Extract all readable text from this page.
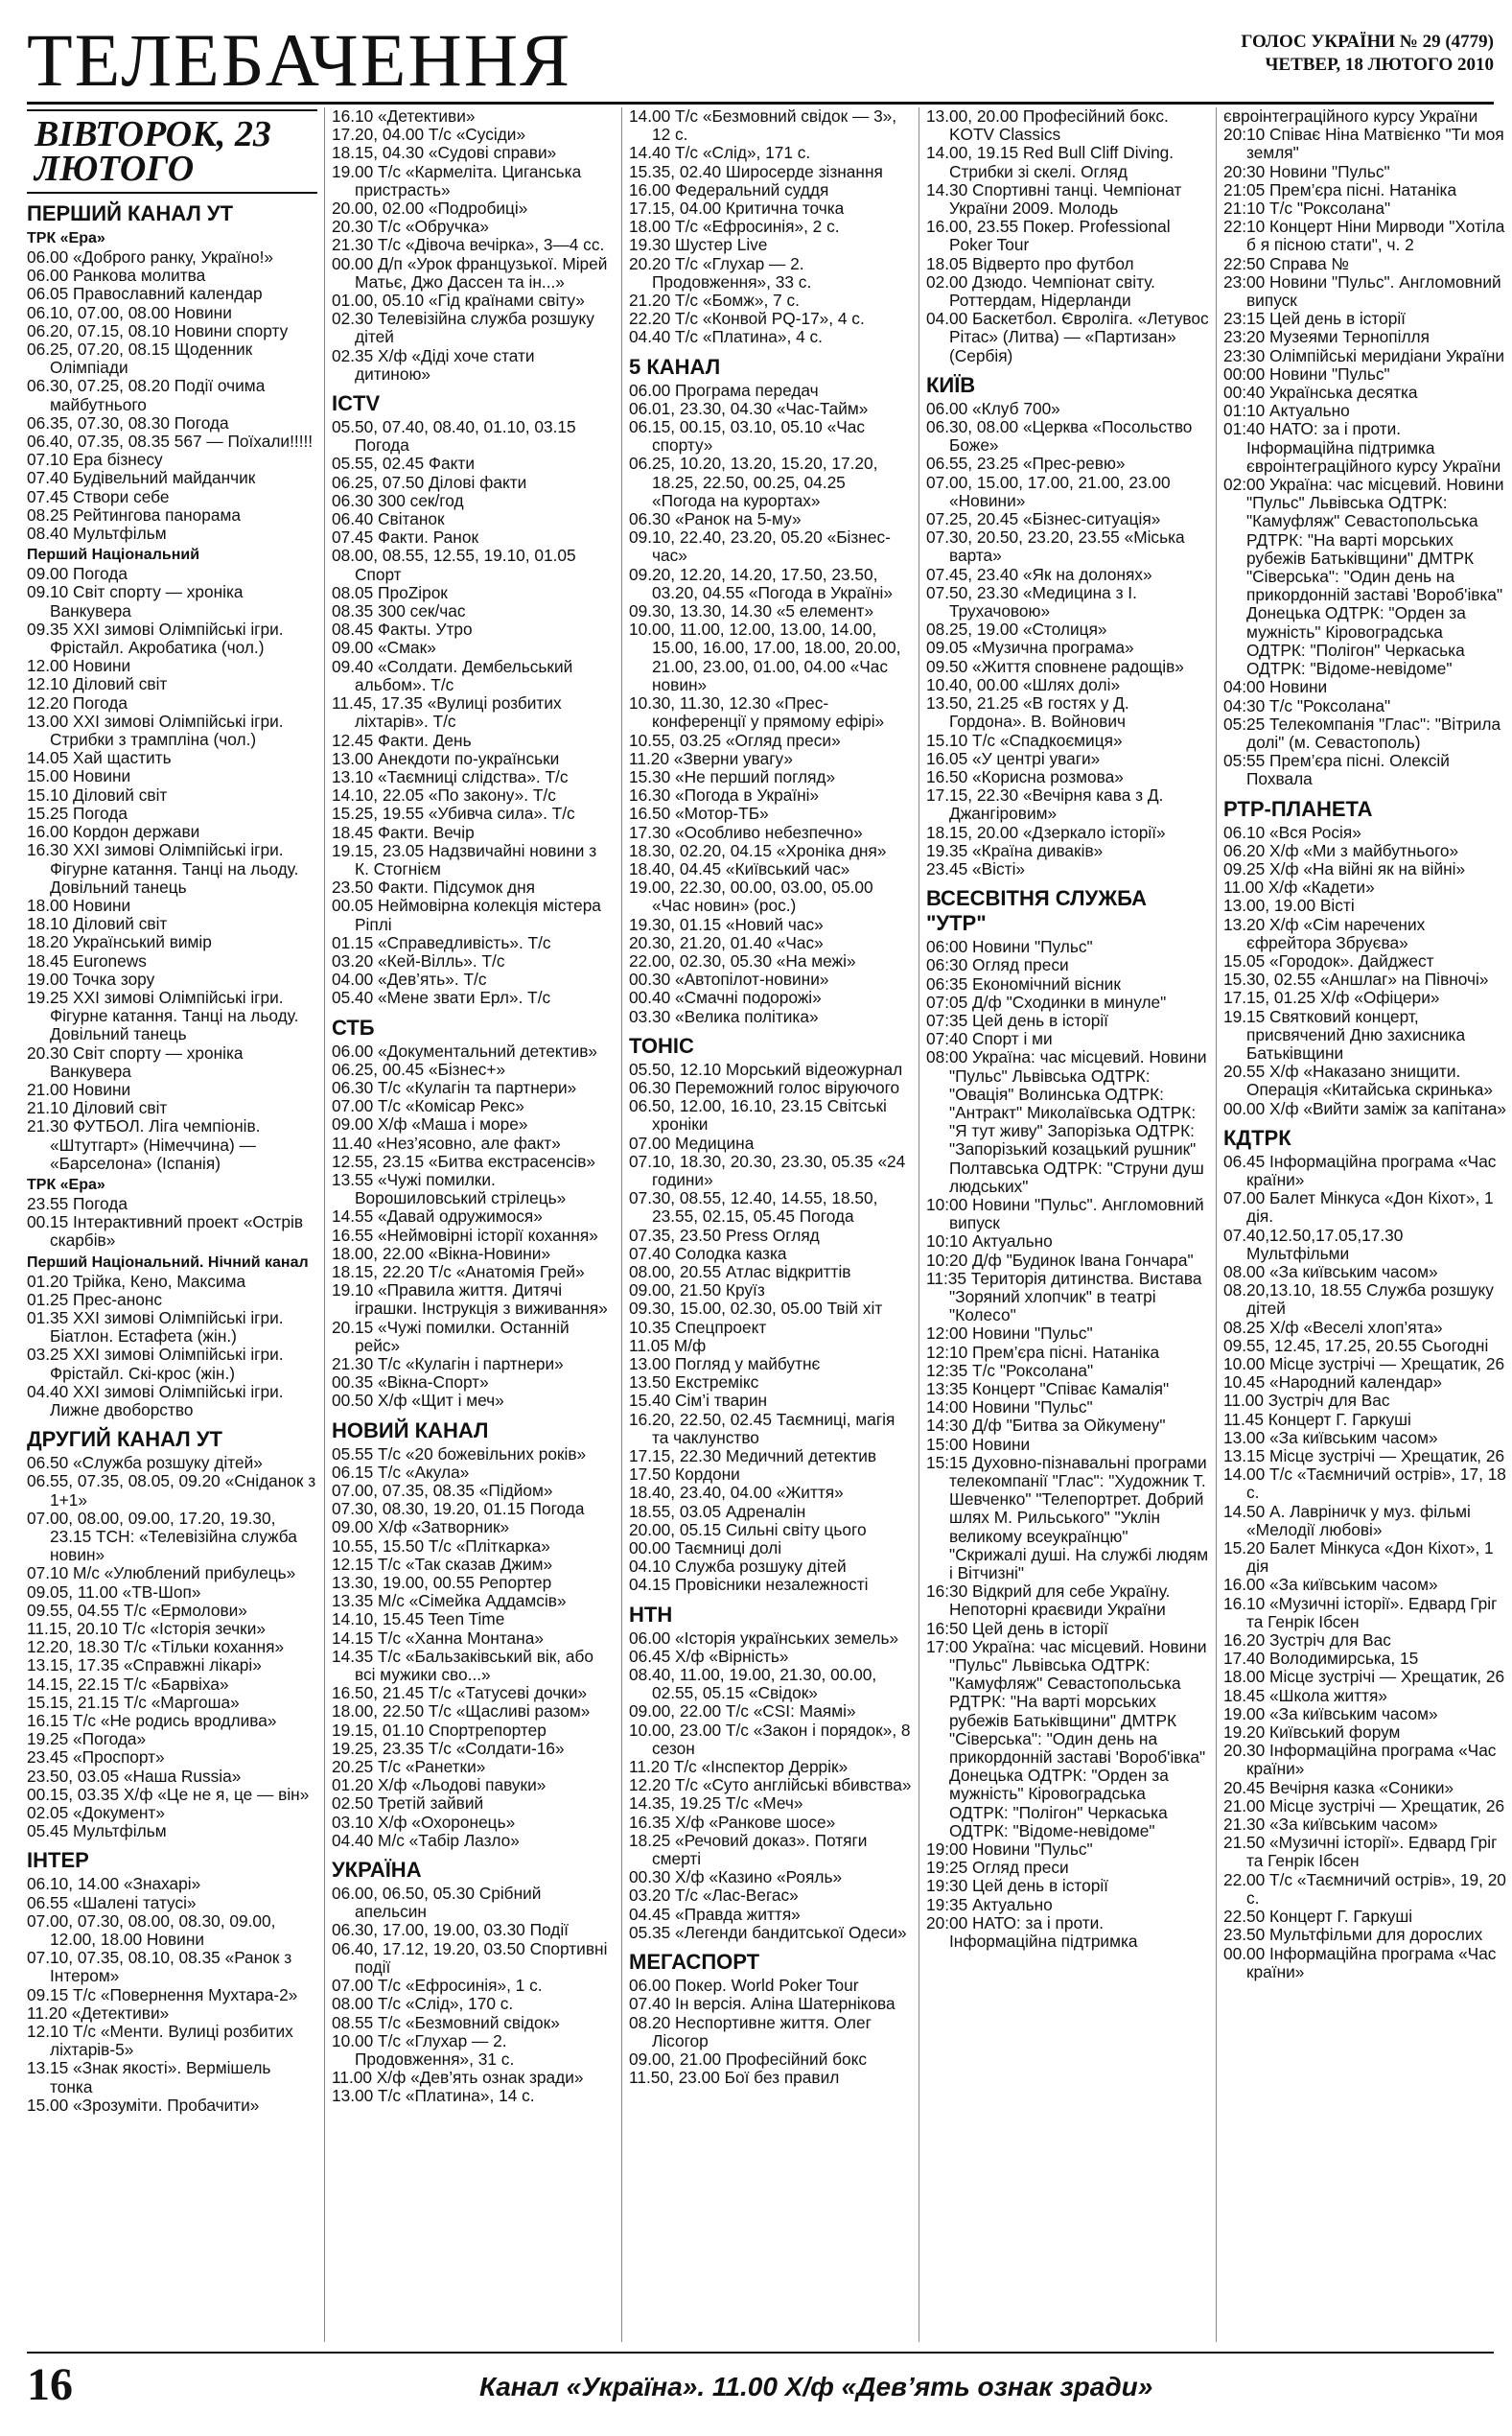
ТЕЛЕБАЧЕННЯ	ГОЛОС УКРАЇНИ № 29 (4779)
ЧЕТВЕР, 18 ЛЮТОГО 2010
ВІВТОРОК, 23 ЛЮТОГО
ПЕРШИЙ КАНАЛ УТ
ТРК «Ера»
06.00 «Доброго ранку, Україно!»
06.00 Ранкова молитва
06.05 Православний календар
06.10, 07.00, 08.00 Новини
06.20, 07.15, 08.10 Новини спорту
06.25, 07.20, 08.15 Щоденник Олімпіади
06.30, 07.25, 08.20 Події очима майбутнього
06.35, 07.30, 08.30 Погода
06.40, 07.35, 08.35 567 — Поїхали!!!!!
07.10 Ера бізнесу
07.40 Будівельний майданчик
07.45 Створи себе
08.25 Рейтингова панорама
08.40 Мультфільм
Перший Національний
09.00 Погода
09.10 Світ спорту — хроніка Ванкувера
09.35 XXI зимові Олімпійські ігри. Фрістайл. Акробатика (чол.)
12.00 Новини
12.10 Діловий світ
12.20 Погода
13.00 XXI зимові Олімпійські ігри. Стрибки з трампліна (чол.)
14.05 Хай щастить
15.00 Новини
15.10 Діловий світ
15.25 Погода
16.00 Кордон держави
16.30 XXI зимові Олімпійські ігри. Фігурне катання. Танці на льоду. Довільний танець
18.00 Новини
18.10 Діловий світ
18.20 Український вимір
18.45 Euronews
19.00 Точка зору
19.25 XXI зимові Олімпійські ігри. Фігурне катання. Танці на льоду. Довільний танець
20.30 Світ спорту — хроніка Ванкувера
21.00 Новини
21.10 Діловий світ
21.30 ФУТБОЛ. Ліга чемпіонів. «Штутгарт» (Німеччина) — «Барселона» (Іспанія)
ТРК «Ера»
23.55 Погода
00.15 Інтерактивний проект «Острів скарбів»
Перший Національний. Нічний канал
01.20 Трійка, Кено, Максима
01.25 Прес-анонс
01.35 XXI зимові Олімпійські ігри. Біатлон. Естафета (жін.)
03.25 XXI зимові Олімпійські ігри. Фрістайл. Скі-крос (жін.)
04.40 XXI зимові Олімпійські ігри. Лижне двоборство
ДРУГИЙ КАНАЛ УТ
06.50 «Служба розшуку дітей»
06.55, 07.35, 08.05, 09.20 «Сніданок з 1+1»
07.00, 08.00, 09.00, 17.20, 19.30, 23.15 ТСН: «Телевізійна служба новин»
07.10 М/с «Улюблений прибулець»
09.05, 11.00 «ТВ-Шоп»
09.55, 04.55 Т/с «Ермолови»
11.15, 20.10 Т/с «Історія зечки»
12.20, 18.30 Т/с «Тільки кохання»
13.15, 17.35 «Справжні лікарі»
14.15, 22.15 Т/с «Барвіха»
15.15, 21.15 Т/с «Маргоша»
16.15 Т/с «Не родись вродлива»
19.25 «Погода»
23.45 «Проспорт»
23.50, 03.05 «Наша Russia»
00.15, 03.35 Х/ф «Це не я, це — він»
02.05 «Документ»
05.45 Мультфільм
ІНТЕР
06.10, 14.00 «Знахарі»
06.55 «Шалені татусі»
07.00, 07.30, 08.00, 08.30, 09.00, 12.00, 18.00 Новини
07.10, 07.35, 08.10, 08.35 «Ранок з Інтером»
09.15 Т/с «Повернення Мухтара-2»
11.20 «Детективи»
12.10 Т/с «Менти. Вулиці розбитих ліхтарів-5»
13.15 «Знак якості». Вермішель тонка
15.00 «Зрозуміти. Пробачити»
16.10 «Детективи»
17.20, 04.00 Т/с «Сусіди»
18.15, 04.30 «Судові справи»
19.00 Т/с «Кармеліта. Циганська пристрасть»
20.00, 02.00 «Подробиці»
20.30 Т/с «Обручка»
21.30 Т/с «Дівоча вечірка», 3—4 сс.
00.00 Д/п «Урок французької. Мірей Матьє, Джо Дассен та ін...»
01.00, 05.10 «Гід країнами світу»
02.30 Телевізійна служба розшуку дітей
02.35 Х/ф «Діді хоче стати дитиною»
ICTV
05.50, 07.40, 08.40, 01.10, 03.15 Погода
05.55, 02.45 Факти
06.25, 07.50 Ділові факти
06.30 300 сек/год
06.40 Світанок
07.45 Факти. Ранок
08.00, 08.55, 12.55, 19.10, 01.05 Спорт
08.05 ПроZірок
08.35 300 сек/час
08.45 Факты. Утро
09.00 «Смак»
09.40 «Солдати. Дембельський альбом». Т/с
11.45, 17.35 «Вулиці розбитих ліхтарів». Т/с
12.45 Факти. День
13.00 Анекдоти по-українськи
13.10 «Таємниці слідства». Т/с
14.10, 22.05 «По закону». Т/с
15.25, 19.55 «Убивча сила». Т/с
18.45 Факти. Вечір
19.15, 23.05 Надзвичайні новини з К. Стогнієм
23.50 Факти. Підсумок дня
00.05 Неймовірна колекція містера Ріплі
01.15 «Справедливість». Т/с
03.20 «Кей-Вілль». Т/с
04.00 «Дев’ять». Т/с
05.40 «Мене звати Ерл». Т/с
СТБ
06.00 «Документальний детектив»
06.25, 00.45 «Бізнес+»
06.30 Т/с «Кулагін та партнери»
07.00 Т/с «Комісар Рекс»
09.00 Х/ф «Маша і море»
11.40 «Нез’ясовно, але факт»
12.55, 23.15 «Битва екстрасенсів»
13.55 «Чужі помилки. Ворошиловський стрілець»
14.55 «Давай одружимося»
16.55 «Неймовірні історії кохання»
18.00, 22.00 «Вікна-Новини»
18.15, 22.20 Т/с «Анатомія Грей»
19.10 «Правила життя. Дитячі іграшки. Інструкція з виживання»
20.15 «Чужі помилки. Останній рейс»
21.30 Т/с «Кулагін і партнери»
00.35 «Вікна-Спорт»
00.50 Х/ф «Щит і меч»
НОВИЙ КАНАЛ
05.55 Т/с «20 божевільних років»
06.15 Т/с «Акула»
07.00, 07.35, 08.35 «Підйом»
07.30, 08.30, 19.20, 01.15 Погода
09.00 Х/ф «Затворник»
10.55, 15.50 Т/с «Пліткарка»
12.15 Т/с «Так сказав Джим»
13.30, 19.00, 00.55 Репортер
13.35 М/с «Сімейка Аддамсів»
14.10, 15.45 Teen Time
14.15 Т/с «Ханна Монтана»
14.35 Т/с «Бальзаківський вік, або всі мужики сво...»
16.50, 21.45 Т/с «Татусеві дочки»
18.00, 22.50 Т/с «Щасливі разом»
19.15, 01.10 Спортрепортер
19.25, 23.35 Т/с «Солдати-16»
20.25 Т/с «Ранетки»
01.20 Х/ф «Льодові павуки»
02.50 Третій зайвий
03.10 Х/ф «Охоронець»
04.40 М/с «Табір Лазло»
УКРАЇНА
06.00, 06.50, 05.30 Срібний апельсин
06.30, 17.00, 19.00, 03.30 Події
06.40, 17.12, 19.20, 03.50 Спортивні події
07.00 Т/с «Ефросинія», 1 с.
08.00 Т/с «Слід», 170 с.
08.55 Т/с «Безмовний свідок»
10.00 Т/с «Глухар — 2. Продовження», 31 с.
11.00 Х/ф «Дев’ять ознак зради»
13.00 Т/с «Платина», 14 с.
14.00 Т/с «Безмовний свідок — 3», 12 с.
14.40 Т/с «Слід», 171 с.
15.35, 02.40 Широсерде зізнання
16.00 Федеральний суддя
17.15, 04.00 Критична точка
18.00 Т/с «Ефросинія», 2 с.
19.30 Шустер Live
20.20 Т/с «Глухар — 2. Продовження», 33 с.
21.20 Т/с «Бомж», 7 с.
22.20 Т/с «Конвой PQ-17», 4 с.
04.40 Т/с «Платина», 4 с.
5 КАНАЛ
06.00 Програма передач
06.01, 23.30, 04.30 «Час-Тайм»
06.15, 00.15, 03.10, 05.10 «Час спорту»
06.25, 10.20, 13.20, 15.20, 17.20, 18.25, 22.50, 00.25, 04.25 «Погода на курортах»
06.30 «Ранок на 5-му»
09.10, 22.40, 23.20, 05.20 «Бізнес-час»
09.20, 12.20, 14.20, 17.50, 23.50, 03.20, 04.55 «Погода в Україні»
09.30, 13.30, 14.30 «5 елемент»
10.00, 11.00, 12.00, 13.00, 14.00, 15.00, 16.00, 17.00, 18.00, 20.00, 21.00, 23.00, 01.00, 04.00 «Час новин»
10.30, 11.30, 12.30 «Прес-конференції у прямому ефірі»
10.55, 03.25 «Огляд преси»
11.20 «Зверни увагу»
15.30 «Не перший погляд»
16.30 «Погода в Україні»
16.50 «Мотор-ТБ»
17.30 «Особливо небезпечно»
18.30, 02.20, 04.15 «Хроніка дня»
18.40, 04.45 «Київський час»
19.00, 22.30, 00.00, 03.00, 05.00 «Час новин» (рос.)
19.30, 01.15 «Новий час»
20.30, 21.20, 01.40 «Час»
22.00, 02.30, 05.30 «На межі»
00.30 «Автопілот-новини»
00.40 «Смачні подорожі»
03.30 «Велика політика»
ТОНІС
05.50, 12.10 Морський відеожурнал
06.30 Переможний голос віруючого
06.50, 12.00, 16.10, 23.15 Світські хроніки
07.00 Медицина
07.10, 18.30, 20.30, 23.30, 05.35 «24 години»
07.30, 08.55, 12.40, 14.55, 18.50, 23.55, 02.15, 05.45 Погода
07.35, 23.50 Press Огляд
07.40 Солодка казка
08.00, 20.55 Атлас відкриттів
09.00, 21.50 Круїз
09.30, 15.00, 02.30, 05.00 Твій хіт
10.35 Спецпроект
11.05 М/ф
13.00 Погляд у майбутнє
13.50 Екстремікс
15.40 Сім’і тварин
16.20, 22.50, 02.45 Таємниці, магія та чаклунство
17.15, 22.30 Медичний детектив
17.50 Кордони
18.40, 23.40, 04.00 «Життя»
18.55, 03.05 Адреналін
20.00, 05.15 Сильні світу цього
00.00 Таємниці долі
04.10 Служба розшуку дітей
04.15 Провісники незалежності
НТН
06.00 «Історія українських земель»
06.45 Х/ф «Вірність»
08.40, 11.00, 19.00, 21.30, 00.00, 02.55, 05.15 «Свідок»
09.00, 22.00 Т/с «CSI: Маямі»
10.00, 23.00 Т/с «Закон і порядок», 8 сезон
11.20 Т/с «Інспектор Деррік»
12.20 Т/с «Суто англійські вбивства»
14.35, 19.25 Т/с «Меч»
16.35 Х/ф «Ранкове шосе»
18.25 «Речовий доказ». Потяги смерті
00.30 Х/ф «Казино «Рояль»
03.20 Т/с «Лас-Вегас»
04.45 «Правда життя»
05.35 «Легенди бандитської Одеси»
МЕГАСПОРТ
06.00 Покер. World Poker Tour
07.40 Ін версія. Аліна Шатернікова
08.20 Неспортивне життя. Олег Лісогор
09.00, 21.00 Професійний бокс
11.50, 23.00 Бої без правил
13.00, 20.00 Професійний бокс. KOTV Classics
14.00, 19.15 Red Bull Cliff Diving. Стрибки зі скелі. Огляд
14.30 Спортивні танці. Чемпіонат України 2009. Молодь
16.00, 23.55 Покер. Professional Poker Tour
18.05 Відверто про футбол
02.00 Дзюдо. Чемпіонат світу. Роттердам, Нідерланди
04.00 Баскетбол. Євроліга. «Летувос Рітас» (Литва) — «Партизан» (Сербія)
КИЇВ
06.00 «Клуб 700»
06.30, 08.00 «Церква «Посольство Боже»
06.55, 23.25 «Прес-ревю»
07.00, 15.00, 17.00, 21.00, 23.00 «Новини»
07.25, 20.45 «Бізнес-ситуація»
07.30, 20.50, 23.20, 23.55 «Міська варта»
07.45, 23.40 «Як на долонях»
07.50, 23.30 «Медицина з І. Трухачовою»
08.25, 19.00 «Столиця»
09.05 «Музична програма»
09.50 «Життя сповнене радощів»
10.40, 00.00 «Шлях долі»
13.50, 21.25 «В гостях у Д. Гордона». В. Войнович
15.10 Т/с «Спадкоємиця»
16.05 «У центрі уваги»
16.50 «Корисна розмова»
17.15, 22.30 «Вечірня кава з Д. Джангіровим»
18.15, 20.00 «Дзеркало історії»
19.35 «Країна диваків»
23.45 «Вісті»
ВСЕСВІТНЯ СЛУЖБА "УТР"
06:00 Новини "Пульс"
06:30 Огляд преси
06:35 Економічний вісник
07:05 Д/ф "Сходинки в минуле"
07:35 Цей день в історії
07:40 Спорт і ми
08:00 Україна: час місцевий. Новини "Пульс" Львівська ОДТРК: "Овація" Волинська ОДТРК: "Антракт" Миколаївська ОДТРК: "Я тут живу" Запорізька ОДТРК: "Запорізький козацький рушник" Полтавська ОДТРК: "Струни душ людських"
10:00 Новини "Пульс". Англомовний випуск
10:10 Актуально
10:20 Д/ф "Будинок Івана Гончара"
11:35 Територія дитинства. Вистава "Зоряний хлопчик" в театрі "Колесо"
12:00 Новини "Пульс"
12:10 Прем’єра пісні. Натаніка
12:35 Т/с "Роксолана"
13:35 Концерт "Співає Камалія"
14:00 Новини "Пульс"
14:30 Д/ф "Битва за Ойкумену"
15:00 Новини
15:15 Духовно-пізнавальні програми телекомпанії "Глас": "Художник Т. Шевченко" "Телепортрет. Добрий шлях М. Рильського" "Уклін великому всеукраїнцю" "Скрижалі душі. На службі людям і Вітчизні"
16:30 Відкрий для себе Україну. Непоторні краєвиди України
16:50 Цей день в історії
17:00 Україна: час місцевий. Новини "Пульс" Львівська ОДТРК: "Камуфляж" Севастопольська РДТРК: "На варті морських рубежів Батьківщини" ДМТРК "Сіверська": "Один день на прикордонній заставі 'Вороб'івка" Донецька ОДТРК: "Орден за мужність" Кіровоградська ОДТРК: "Полігон" Черкаська ОДТРК: "Відоме-невідоме"
19:00 Новини "Пульс"
19:25 Огляд преси
19:30 Цей день в історії
19:35 Актуально
20:00 НАТО: за і проти. Інформаційна підтримка
євроінтеграційного курсу України
20:10 Співає Ніна Матвієнко "Ти моя земля"
20:30 Новини "Пульс"
21:05 Прем’єра пісні. Натаніка
21:10 Т/с "Роксолана"
22:10 Концерт Ніни Мирводи "Хотіла б я пісною стати", ч. 2
22:50 Справа №
23:00 Новини "Пульс". Англомовний випуск
23:15 Цей день в історії
23:20 Музеями Тернопілля
23:30 Олімпійські меридіани України
00:00 Новини "Пульс"
00:40 Українська десятка
01:10 Актуально
01:40 НАТО: за і проти. Інформаційна підтримка євроінтеграційного курсу України
02:00 Україна: час місцевий. Новини "Пульс" Львівська ОДТРК: "Камуфляж" Севастопольська РДТРК: "На варті морських рубежів Батьківщини" ДМТРК "Сіверська": "Один день на прикордонній заставі 'Вороб'івка" Донецька ОДТРК: "Орден за мужність" Кіровоградська ОДТРК: "Полігон" Черкаська ОДТРК: "Відоме-невідоме"
04:00 Новини
04:30 Т/с "Роксолана"
05:25 Телекомпанія "Глас": "Вітрила долі" (м. Севастополь)
05:55 Прем’єра пісні. Олексій Похвала
РТР-ПЛАНЕТА
06.10 «Вся Росія»
06.20 Х/ф «Ми з майбутнього»
09.25 Х/ф «На війні як на війні»
11.00 Х/ф «Кадети»
13.00, 19.00 Вісті
13.20 Х/ф «Сім наречених єфрейтора Збруєва»
15.05 «Городок». Дайджест
15.30, 02.55 «Аншлаг» на Півночі»
17.15, 01.25 Х/ф «Офіцери»
19.15 Святковий концерт, присвячений Дню захисника Батьківщини
20.55 Х/ф «Наказано знищити. Операція «Китайська скринька»
00.00 Х/ф «Вийти заміж за капітана»
КДТРК
06.45 Інформаційна програма «Час країни»
07.00 Балет Мінкуса «Дон Кіхот», 1 дія.
07.40,12.50,17.05,17.30 Мультфільми
08.00 «За київським часом»
08.20,13.10, 18.55 Служба розшуку дітей
08.25 Х/ф «Веселі хлоп’ята»
09.55, 12.45, 17.25, 20.55 Сьогодні
10.00 Місце зустрічі — Хрещатик, 26
10.45 «Народний календар»
11.00 Зустріч для Вас
11.45 Концерт Г. Гаркуші
13.00 «За київським часом»
13.15 Місце зустрічі — Хрещатик, 26
14.00 Т/с «Таємничий острів», 17, 18 с.
14.50 А. Лавріничк у муз. фільмі «Мелодії любові»
15.20 Балет Мінкуса «Дон Кіхот», 1 дія
16.00 «За київським часом»
16.10 «Музичні історії». Едвард Гріг та Генрік Ібсен
16.20 Зустріч для Вас
17.40 Володимирська, 15
18.00 Місце зустрічі — Хрещатик, 26
18.45 «Школа життя»
19.00 «За київським часом»
19.20 Київський форум
20.30 Інформаційна програма «Час країни»
20.45 Вечірня казка «Соники»
21.00 Місце зустрічі — Хрещатик, 26
21.30 «За київським часом»
21.50 «Музичні історії». Едвард Гріг та Генрік Ібсен
22.00 Т/с «Таємничий острів», 19, 20 с.
22.50 Концерт Г. Гаркуші
23.50 Мультфільми для дорослих
00.00 Інформаційна програма «Час країни»
16	Канал «Україна». 11.00 Х/ф «Дев’ять ознак зради»
